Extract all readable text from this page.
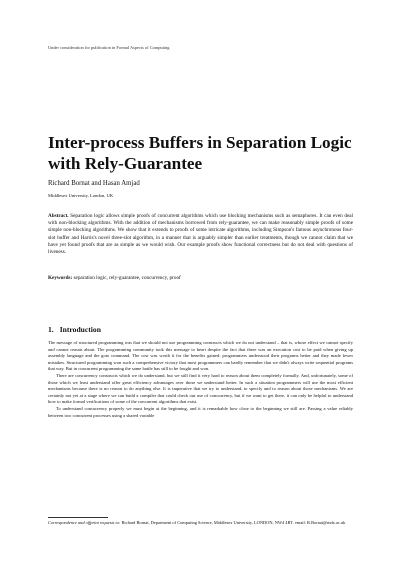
Under consideration for publication in Formal Aspects of Computing
Inter-process Buffers in Separation Logic with Rely-Guarantee
Richard Bornat and Hasan Amjad
Middlesex University, London, UK
Abstract. Separation logic allows simple proofs of concurrent algorithms which use blocking mechanisms such as semaphores. It can even deal with non-blocking algorithms. With the addition of mechanisms borrowed from rely-guarantee, we can make reasonably simple proofs of some simple non-blocking algorithms. We show that it extends to proofs of some intricate algorithms, including Simpson's famous asynchronous four-slot buffer and Harris's novel three-slot algorithm, in a manner that is arguably simpler than earlier treatments, though we cannot claim that we have yet found proofs that are as simple as we would wish. Our example proofs show functional correctness but do not deal with questions of liveness.
Keywords: separation logic, rely-guarantee, concurrency, proof
1. Introduction

The message of structured programming was that we should not use programming constructs which we do not understand – that is, whose effect we cannot specify and cannot reason about. The programming community took this message to heart despite the fact that there was an execution cost to be paid when giving up assembly language and the goto command. The cost was worth it for the benefits gained: programmers understood their programs better and they made fewer mistakes. Structured programming won such a comprehensive victory that most programmers can hardly remember that we didn't always write sequential programs that way. But in concurrent programming the same battle has still to be fought and won.

There are concurrency constructs which we do understand, but we still find it very hard to reason about them completely formally. And, unfortunately, some of those which we least understand offer great efficiency advantages over those we understand better. In such a situation programmers will use the most efficient mechanisms because there is no reason to do anything else. It is imperative that we try to understand, to specify and to reason about those mechanisms. We are certainly not yet at a stage where we can build a compiler that could check our use of concurrency, but if we want to get there, it can only be helpful to understand how to make formal verifications of some of the concurrent algorithms that exist.

To understand concurrency properly we must begin at the beginning, and it is remarkable how close to the beginning we still are. Passing a value reliably between two concurrent processes using a shared variable

Correspondence and offprint requests to: Richard Bornat, Department of Computing Science, Middlesex University, LONDON, NW4 4BT. email: R.Bornat@mdx.ac.uk
